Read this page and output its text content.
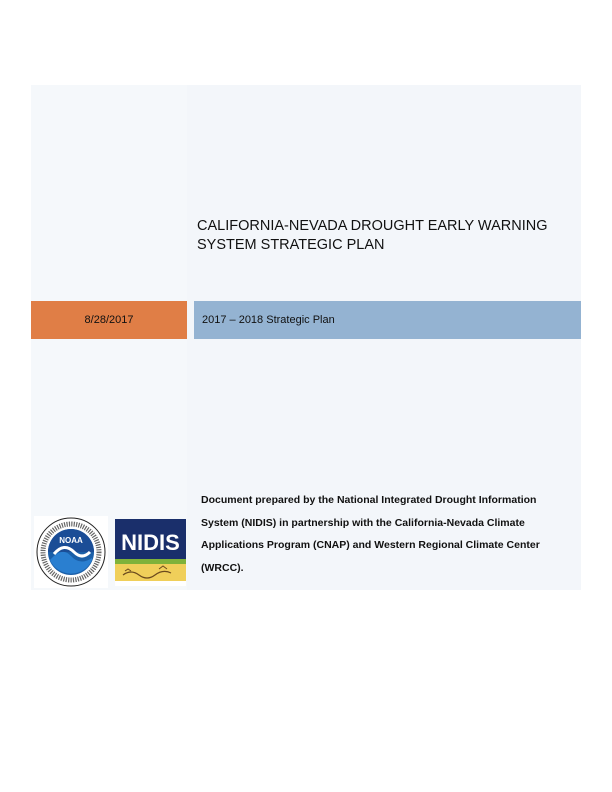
CALIFORNIA-NEVADA DROUGHT EARLY WARNING SYSTEM STRATEGIC PLAN
8/28/2017	2017 – 2018 Strategic Plan
Document prepared by the National Integrated Drought Information System (NIDIS) in partnership with the California-Nevada Climate Applications Program (CNAP) and Western Regional Climate Center (WRCC).
NOAA NIDIS
